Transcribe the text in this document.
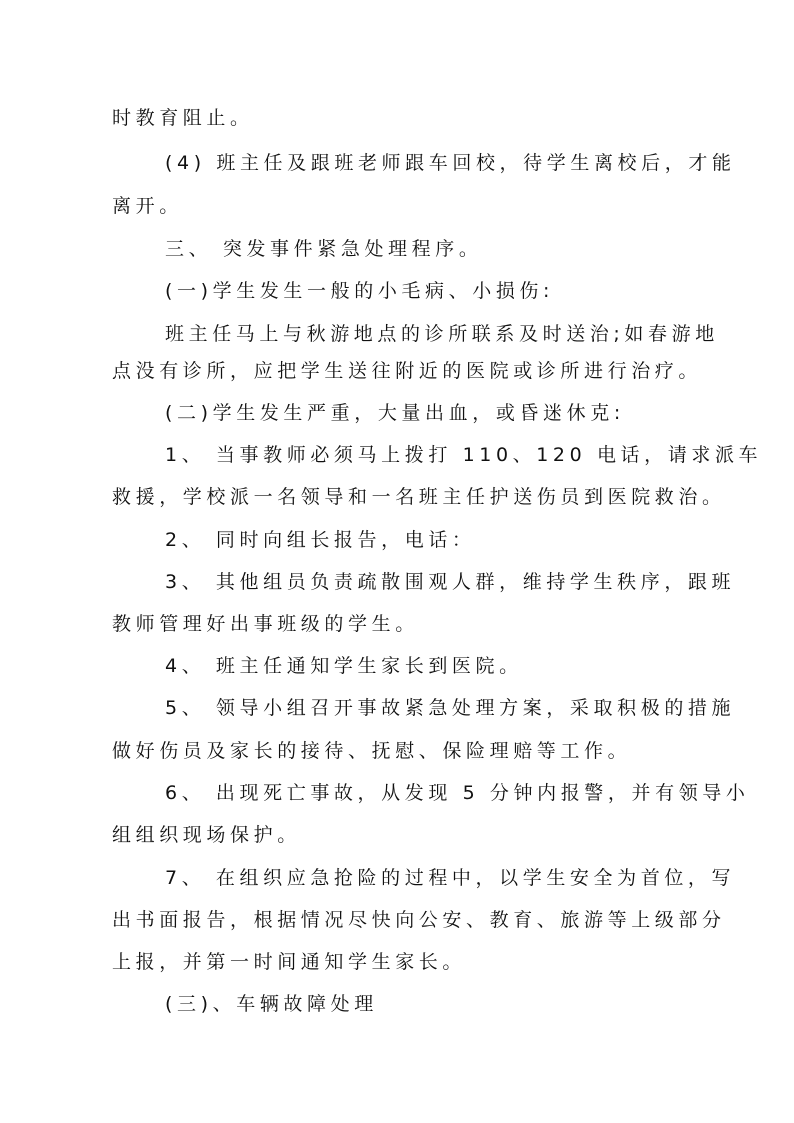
时教育阻止。
(4) 班主任及跟班老师跟车回校，待学生离校后，才能
离开。
三、 突发事件紧急处理程序。
(一)学生发生一般的小毛病、小损伤:
班主任马上与秋游地点的诊所联系及时送治;如春游地
点没有诊所，应把学生送往附近的医院或诊所进行治疗。
(二)学生发生严重，大量出血，或昏迷休克:
1、 当事教师必须马上拨打 110、120 电话，请求派车
救援，学校派一名领导和一名班主任护送伤员到医院救治。
2、 同时向组长报告，电话：
3、 其他组员负责疏散围观人群，维持学生秩序，跟班
教师管理好出事班级的学生。
4、 班主任通知学生家长到医院。
5、 领导小组召开事故紧急处理方案，采取积极的措施
做好伤员及家长的接待、抚慰、保险理赔等工作。
6、 出现死亡事故，从发现 5 分钟内报警，并有领导小
组组织现场保护。
7、 在组织应急抢险的过程中，以学生安全为首位，写
出书面报告，根据情况尽快向公安、教育、旅游等上级部分
上报，并第一时间通知学生家长。
(三)、车辆故障处理
